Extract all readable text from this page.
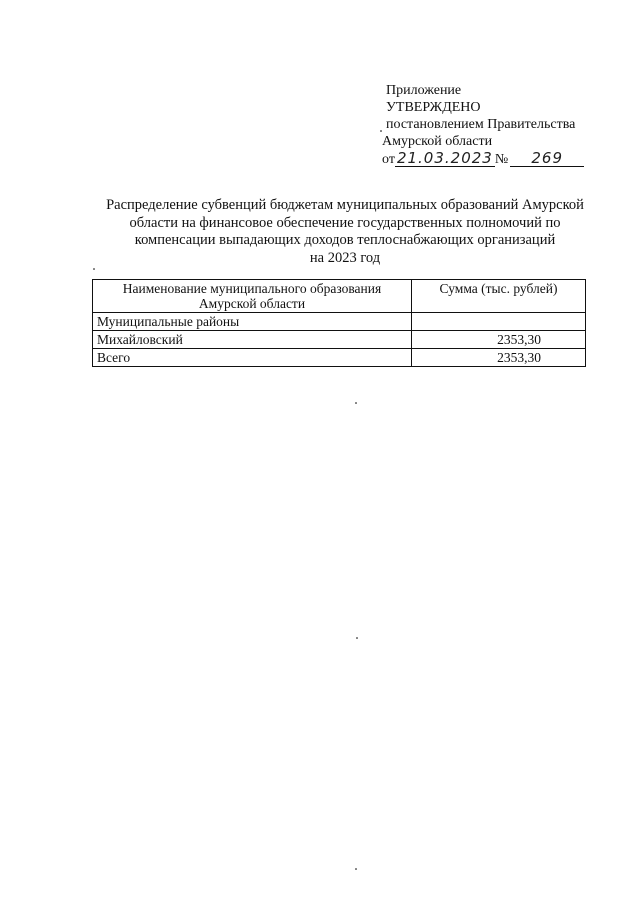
Приложение
УТВЕРЖДЕНО
постановлением Правительства
Амурской области
от 21.03.2023 №	269
Распределение субвенций бюджетам муниципальных образований Амурской
области на финансовое обеспечение государственных полномочий по
компенсации выпадающих доходов теплоснабжающих организаций
на 2023 год
Наименование муниципального образования
Амурской области	Сумма (тыс. рублей)
Муниципальные районы	
Михайловский	2353,30
Всего	2353,30
